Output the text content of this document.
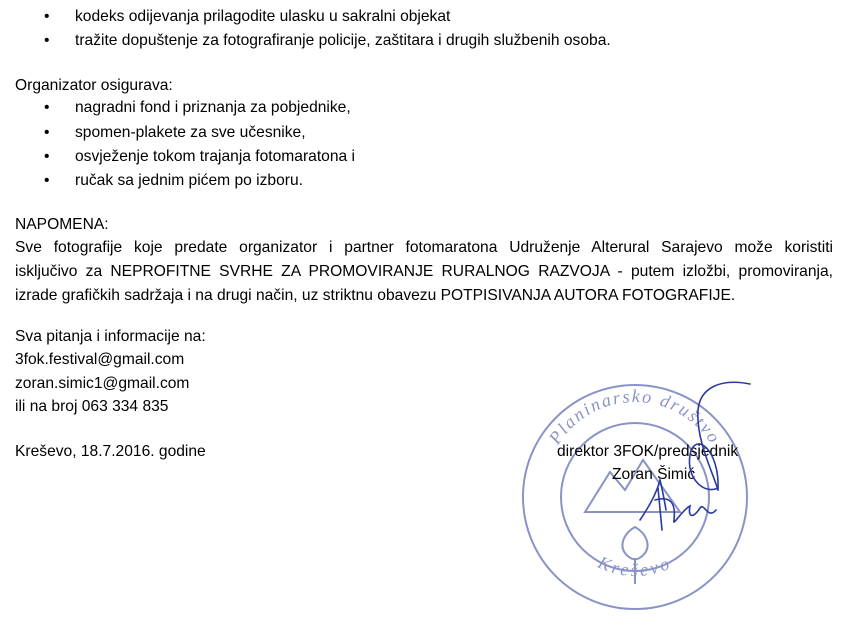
• kodeks odijevanja prilagodite ulasku u sakralni objekat
• tražite dopuštenje za fotografiranje policije, zaštitara i drugih službenih osoba.
Organizator osigurava:
• nagradni fond i priznanja za pobjednike,
• spomen-plakete za sve učesnike,
• osvježenje tokom trajanja fotomaratona i
• ručak sa jednim pićem po izboru.
NAPOMENA:
Sve fotografije koje predate organizator i partner fotomaratona Udruženje Alterural Sarajevo može koristiti
isključivo za NEPROFITNE SVRHE ZA PROMOVIRANJE RURALNOG RAZVOJA - putem izložbi, promoviranja,
izrade grafičkih sadržaja i na drugi način, uz striktnu obavezu POTPISIVANJA AUTORA FOTOGRAFIJE.
Planinarsko društvo
Kreševo
Sva pitanja i informacije na:
3fok.festival@gmail.com
zoran.simic1@gmail.com
ili na broj 063 334 835
Kreševo, 18.7.2016. godine	direktor 3FOK/predsjednik
Zoran Šimić
